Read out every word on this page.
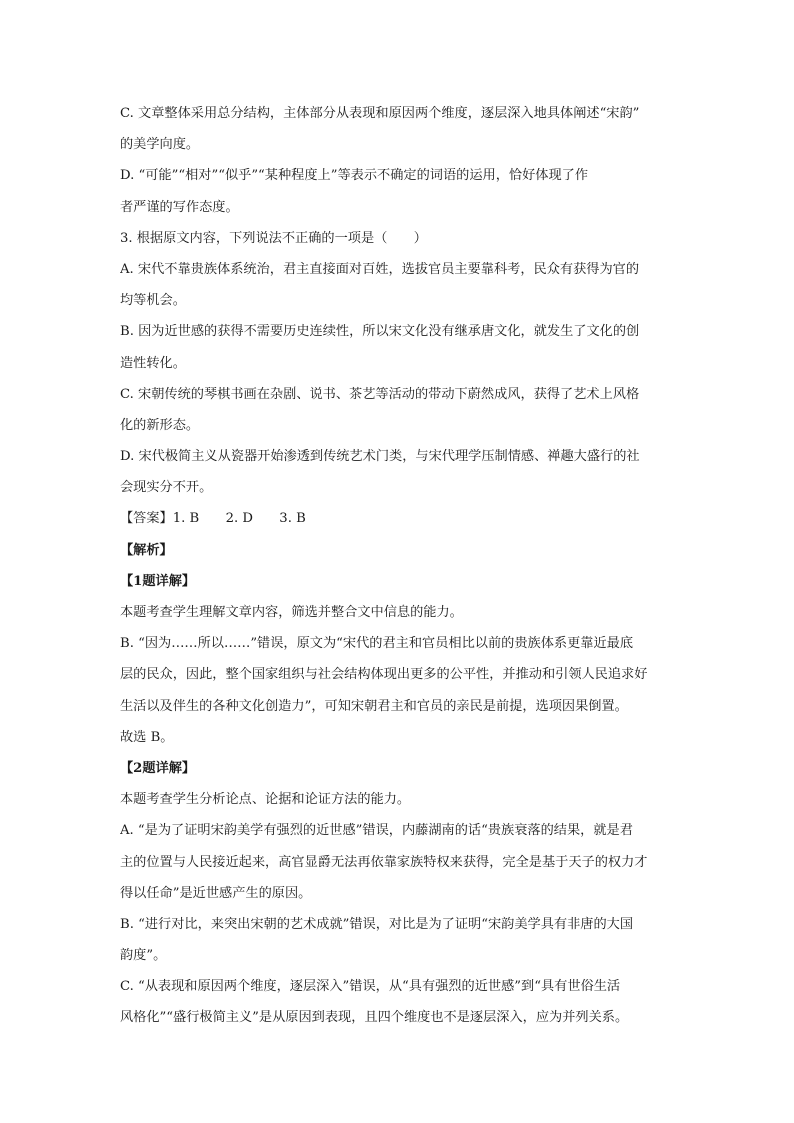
C. 文章整体采用总分结构，主体部分从表现和原因两个维度，逐层深入地具体阐述“宋韵”
的美学向度。
D. “可能”“相对”“似乎”“某种程度上”等表示不确定的词语的运用，恰好体现了作
者严谨的写作态度。
3. 根据原文内容，下列说法不正确的一项是（　　）
A. 宋代不靠贵族体系统治，君主直接面对百姓，选拔官员主要靠科考，民众有获得为官的
均等机会。
B. 因为近世感的获得不需要历史连续性，所以宋文化没有继承唐文化，就发生了文化的创
造性转化。
C. 宋朝传统的琴棋书画在杂剧、说书、茶艺等活动的带动下蔚然成风，获得了艺术上风格
化的新形态。
D. 宋代极简主义从瓷器开始渗透到传统艺术门类，与宋代理学压制情感、禅趣大盛行的社
会现实分不开。
【答案】1. B　　2. D　　3. B
【解析】
【1题详解】
本题考查学生理解文章内容，筛选并整合文中信息的能力。
B. “因为……所以……”错误，原文为“宋代的君主和官员相比以前的贵族体系更靠近最底
层的民众，因此，整个国家组织与社会结构体现出更多的公平性，并推动和引领人民追求好
生活以及伴生的各种文化创造力”，可知宋朝君主和官员的亲民是前提，选项因果倒置。
故选 B。
【2题详解】
本题考查学生分析论点、论据和论证方法的能力。
A. “是为了证明宋韵美学有强烈的近世感”错误，内藤湖南的话“贵族衰落的结果，就是君
主的位置与人民接近起来，高官显爵无法再依靠家族特权来获得，完全是基于天子的权力才
得以任命”是近世感产生的原因。
B. “进行对比，来突出宋朝的艺术成就”错误，对比是为了证明“宋韵美学具有非唐的大国
韵度”。
C. “从表现和原因两个维度，逐层深入”错误，从“具有强烈的近世感”到“具有世俗生活
风格化”“盛行极简主义”是从原因到表现，且四个维度也不是逐层深入，应为并列关系。
